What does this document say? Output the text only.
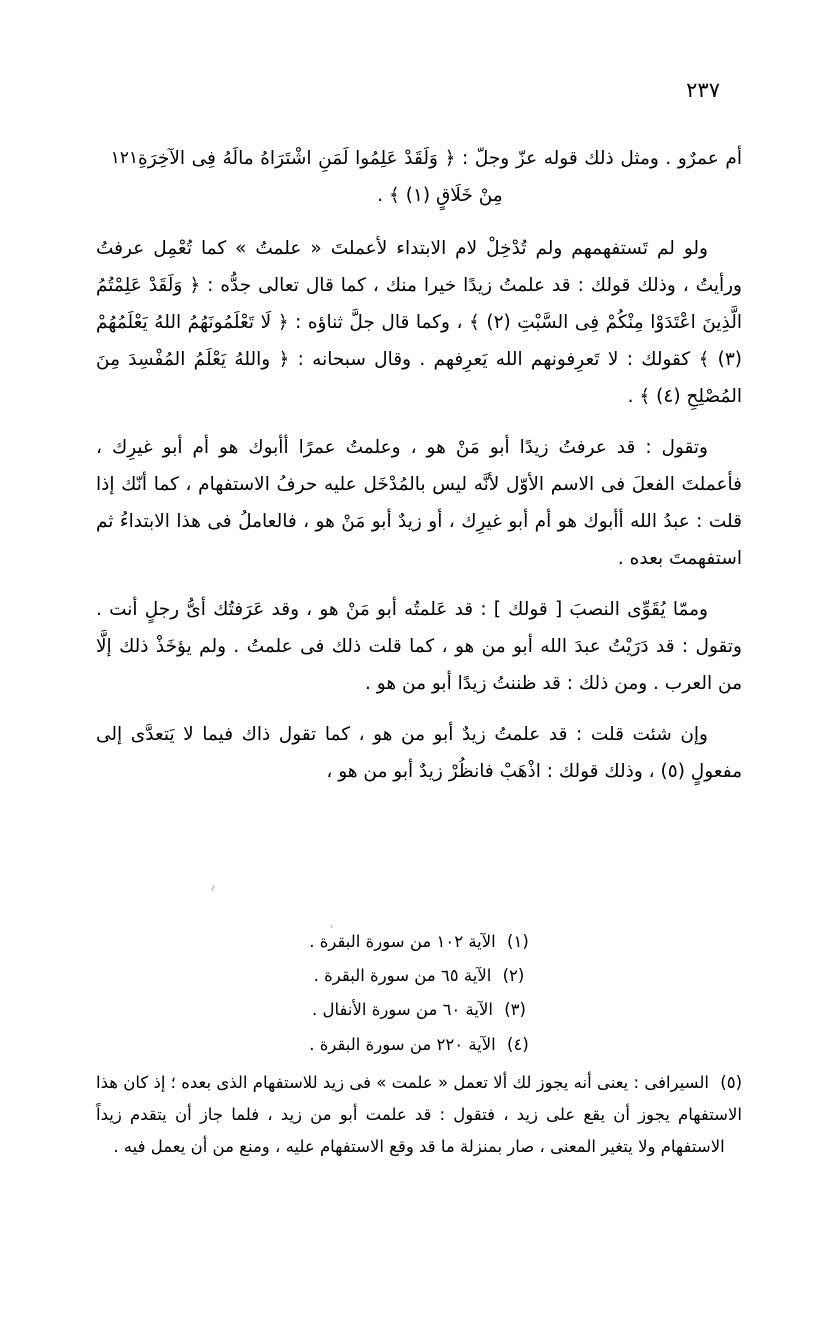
٢٣٧
١٢١ أم عمرٌو . ومثل ذلك قوله عزّ وجلّ : ﴿ وَلَقَدْ عَلِمُوا لَمَنِ اشْتَرَاهُ مالَهُ فِى الآخِرَةِ مِنْ خَلَاقٍ (١) ﴾ .
ولو لم تَستفهمهم ولم تُدْخِلْ لام الابتداء لأعملتَ « علمتُ » كما تُعْمِل عرفتُ ورأيتُ ، وذلك قولك : قد علمتُ زيدًا خيرا منك ، كما قال تعالى جدُّه : ﴿ وَلَقَدْ عَلِمْتُمُ الَّذِينَ اعْتَدَوْا مِنْكُمْ فِى السَّبْتِ (٢) ﴾ ، وكما قال جلَّ ثناؤه : ﴿ لَا تَعْلَمُونَهُمُ اللهُ يَعْلَمُهُمْ (٣) ﴾ كقولك : لا تَعرِفونهم الله يَعرِفهم . وقال سبحانه : ﴿ واللهُ يَعْلَمُ المُفْسِدَ مِنَ المُصْلِحِ (٤) ﴾ .
وتقول : قد عرفتُ زيدًا أبو مَنْ هو ، وعلمتُ عمرًا أأبوك هو أم أبو غيرِك ، فأعملتَ الفعلَ فى الاسم الأوّل لأنَّه ليس بالمُدْخَل عليه حرفُ الاستفهام ، كما أنّك إذا قلت : عبدُ الله أأبوك هو أم أبو غيرِك ، أو زيدٌ أبو مَنْ هو ، فالعاملُ فى هذا الابتداءُ ثم استفهمتَ بعده .
وممّا يُقَوِّى النصبَ [ قولك ] : قد عَلمتُه أبو مَنْ هو ، وقد عَرَفتُك أىُّ رجلٍ أنت . وتقول : قد دَرَيْتُ عبدَ الله أبو من هو ، كما قلت ذلك فى علمتُ . ولم يؤخَذْ ذلك إلَّا من العرب . ومن ذلك : قد ظننتُ زيدًا أبو من هو .
وإن شئت قلت : قد علمتُ زيدٌ أبو من هو ، كما تقول ذاك فيما لا يَتعدَّى إلى مفعولٍ (٥) ، وذلك قولك : اذْهَبْ فانظُرْ زيدٌ أبو من هو ،
(١) الآية ١٠٢ من سورة البقرة .
(٢) الآية ٦٥ من سورة البقرة .
(٣) الآية ٦٠ من سورة الأنفال .
(٤) الآية ٢٢٠ من سورة البقرة .
(٥) السيرافى : يعنى أنه يجوز لك ألا تعمل « علمت » فى زيد للاستفهام الذى بعده ؛ إذ كان هذا الاستفهام يجوز أن يقع على زيد ، فتقول : قد علمت أبو من زيد ، فلما جاز أن يتقدم زيداً الاستفهام ولا يتغير المعنى ، صار بمنزلة ما قد وقع الاستفهام عليه ، ومنع من أن يعمل فيه .
